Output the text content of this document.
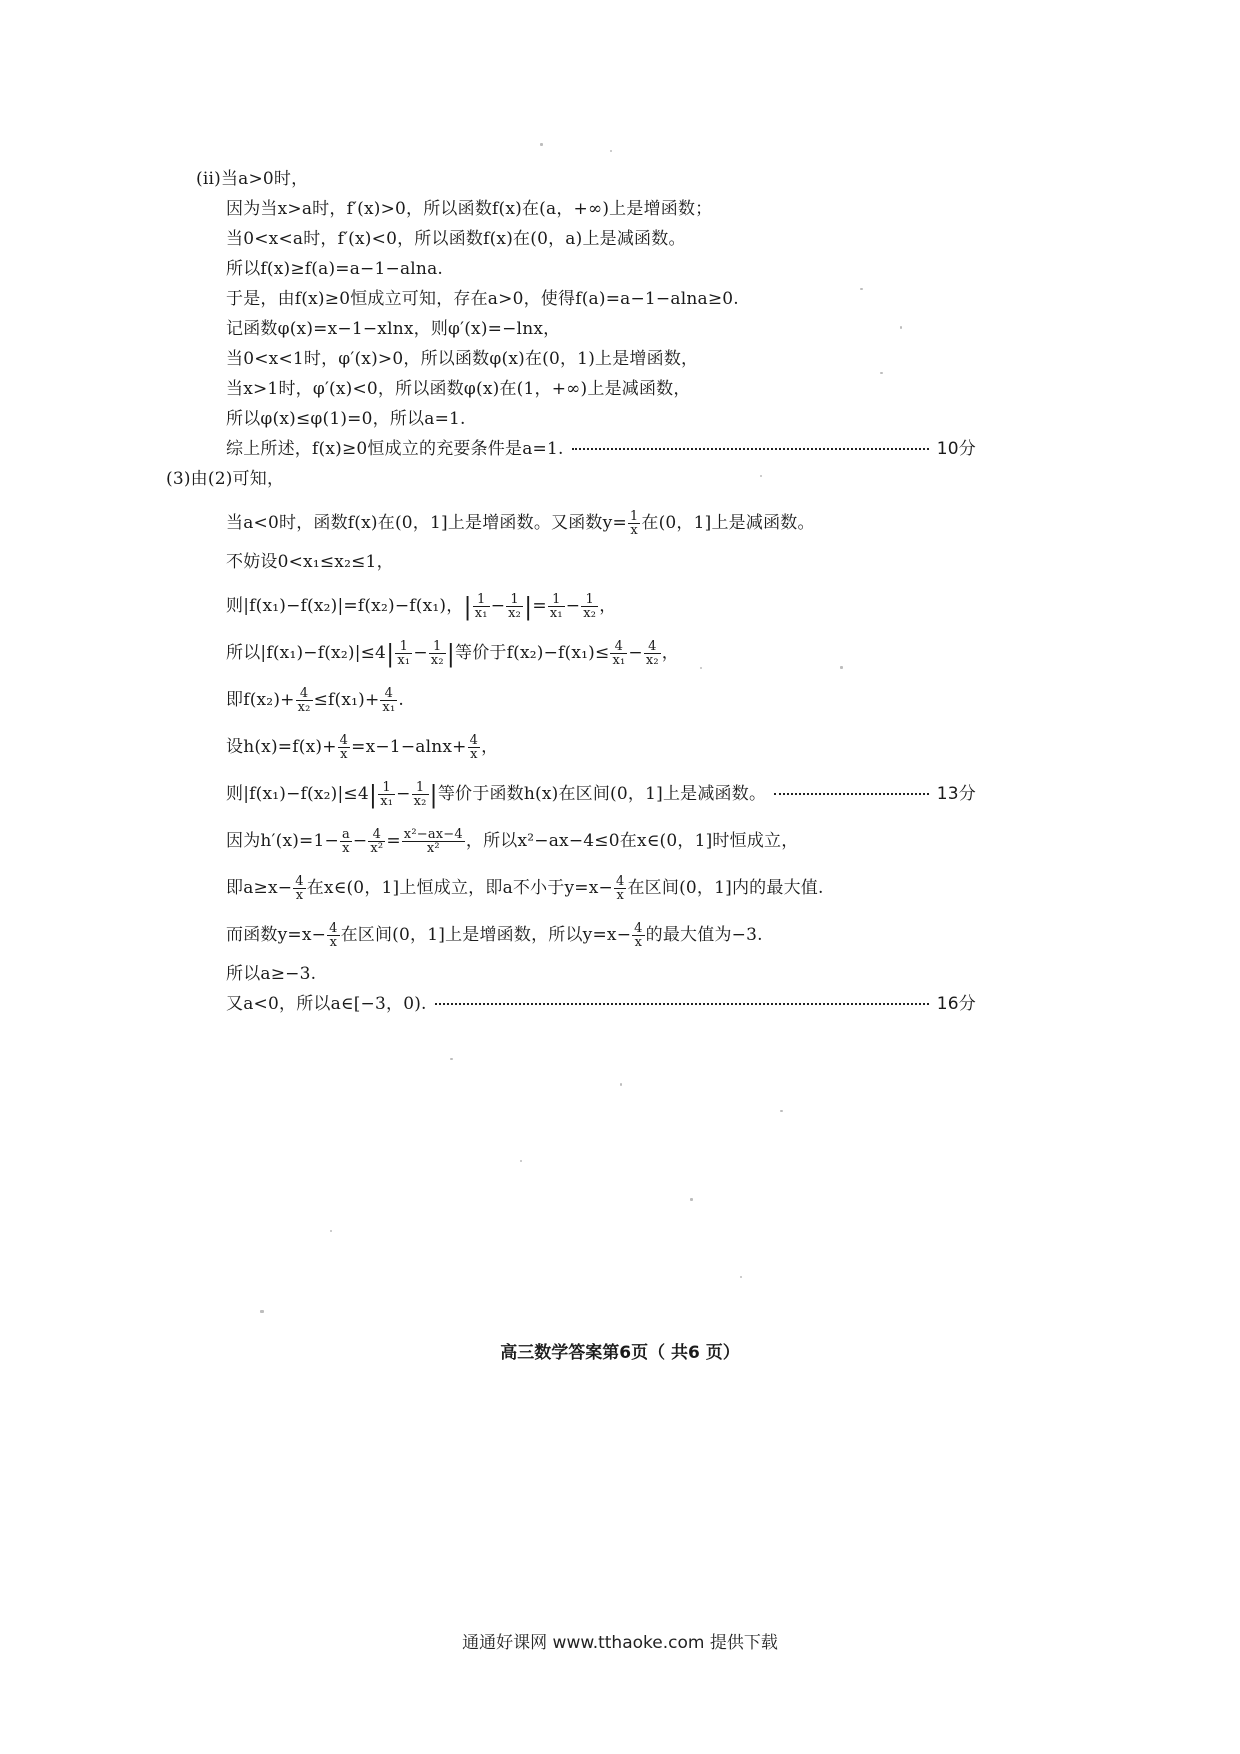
(ii)当a>0时，
因为当x>a时，f′(x)>0，所以函数f(x)在(a，+∞)上是增函数；
当0<x<a时，f′(x)<0，所以函数f(x)在(0，a)上是减函数。
所以f(x)≥f(a)=a−1−alna.
于是，由f(x)≥0恒成立可知，存在a>0，使得f(a)=a−1−alna≥0.
记函数φ(x)=x−1−xlnx，则φ′(x)=−lnx，
当0<x<1时，φ′(x)>0，所以函数φ(x)在(0，1)上是增函数，
当x>1时，φ′(x)<0，所以函数φ(x)在(1，+∞)上是减函数，
所以φ(x)≤φ(1)=0，所以a=1.
综上所述，f(x)≥0恒成立的充要条件是a=1.	10分
(3)由(2)可知，
当a<0时，函数f(x)在(0，1]上是增函数。又函数$y= \frac{1}{x}$ 在(0，1]上是减函数。
不妨设0<x₁≤x₂≤1，
则|f(x₁)−f(x₂)|=f(x₂)−f(x₁)，| $\frac{1}{\text{x₁}} - \frac{1}{\text{x₂}}$ |= $\frac{1}{\text{x₁}} - \frac{1}{\text{x₂}}$ ，
所以$|f(x_1)-f(x_2)|\le 4| \frac{1}{\text{x₁}} - \frac{1}{\text{x₂}}$ |等价于$f(x_2)-f(x_1)\le \frac{4}{\text{x₁}} - \frac{4}{\text{x₂}}$ ，
即$f(x_2)+ \frac{4}{\text{x₂}} \le f(x_1)+ \frac{4}{\text{x₁}}$ .
设$h(x)=f(x)+ \frac{4}{x} =x-1-alnx+ \frac{4}{x}$ ，
则$|f(x_1)-f(x_2)|\le 4| \frac{1}{\text{x₁}} - \frac{1}{\text{x₂}}$ |等价于函数h(x)在区间(0，1]上是减函数。	13分
因为$h'(x)=1- \frac{a}{x} - \frac{4}{\text{x²}} = \frac{\text{x²−ax−4}}{\text{x²}}$ ，所以x²−ax−4≤0在x∈(0，1]时恒成立，
即$a\ge x- \frac{4}{x}$ 在x∈(0，1]上恒成立，即a不小于$y=x- \frac{4}{x}$ 在区间(0，1]内的最大值.
而函数$y=x- \frac{4}{x}$ 在区间(0，1]上是增函数，所以$y=x- \frac{4}{x}$ 的最大值为−3.
所以a≥−3.
又a<0，所以a∈[−3，0).	16分
高三数学答案第6页（ 共6 页）
通通好课网 www.tthaoke.com 提供下载
